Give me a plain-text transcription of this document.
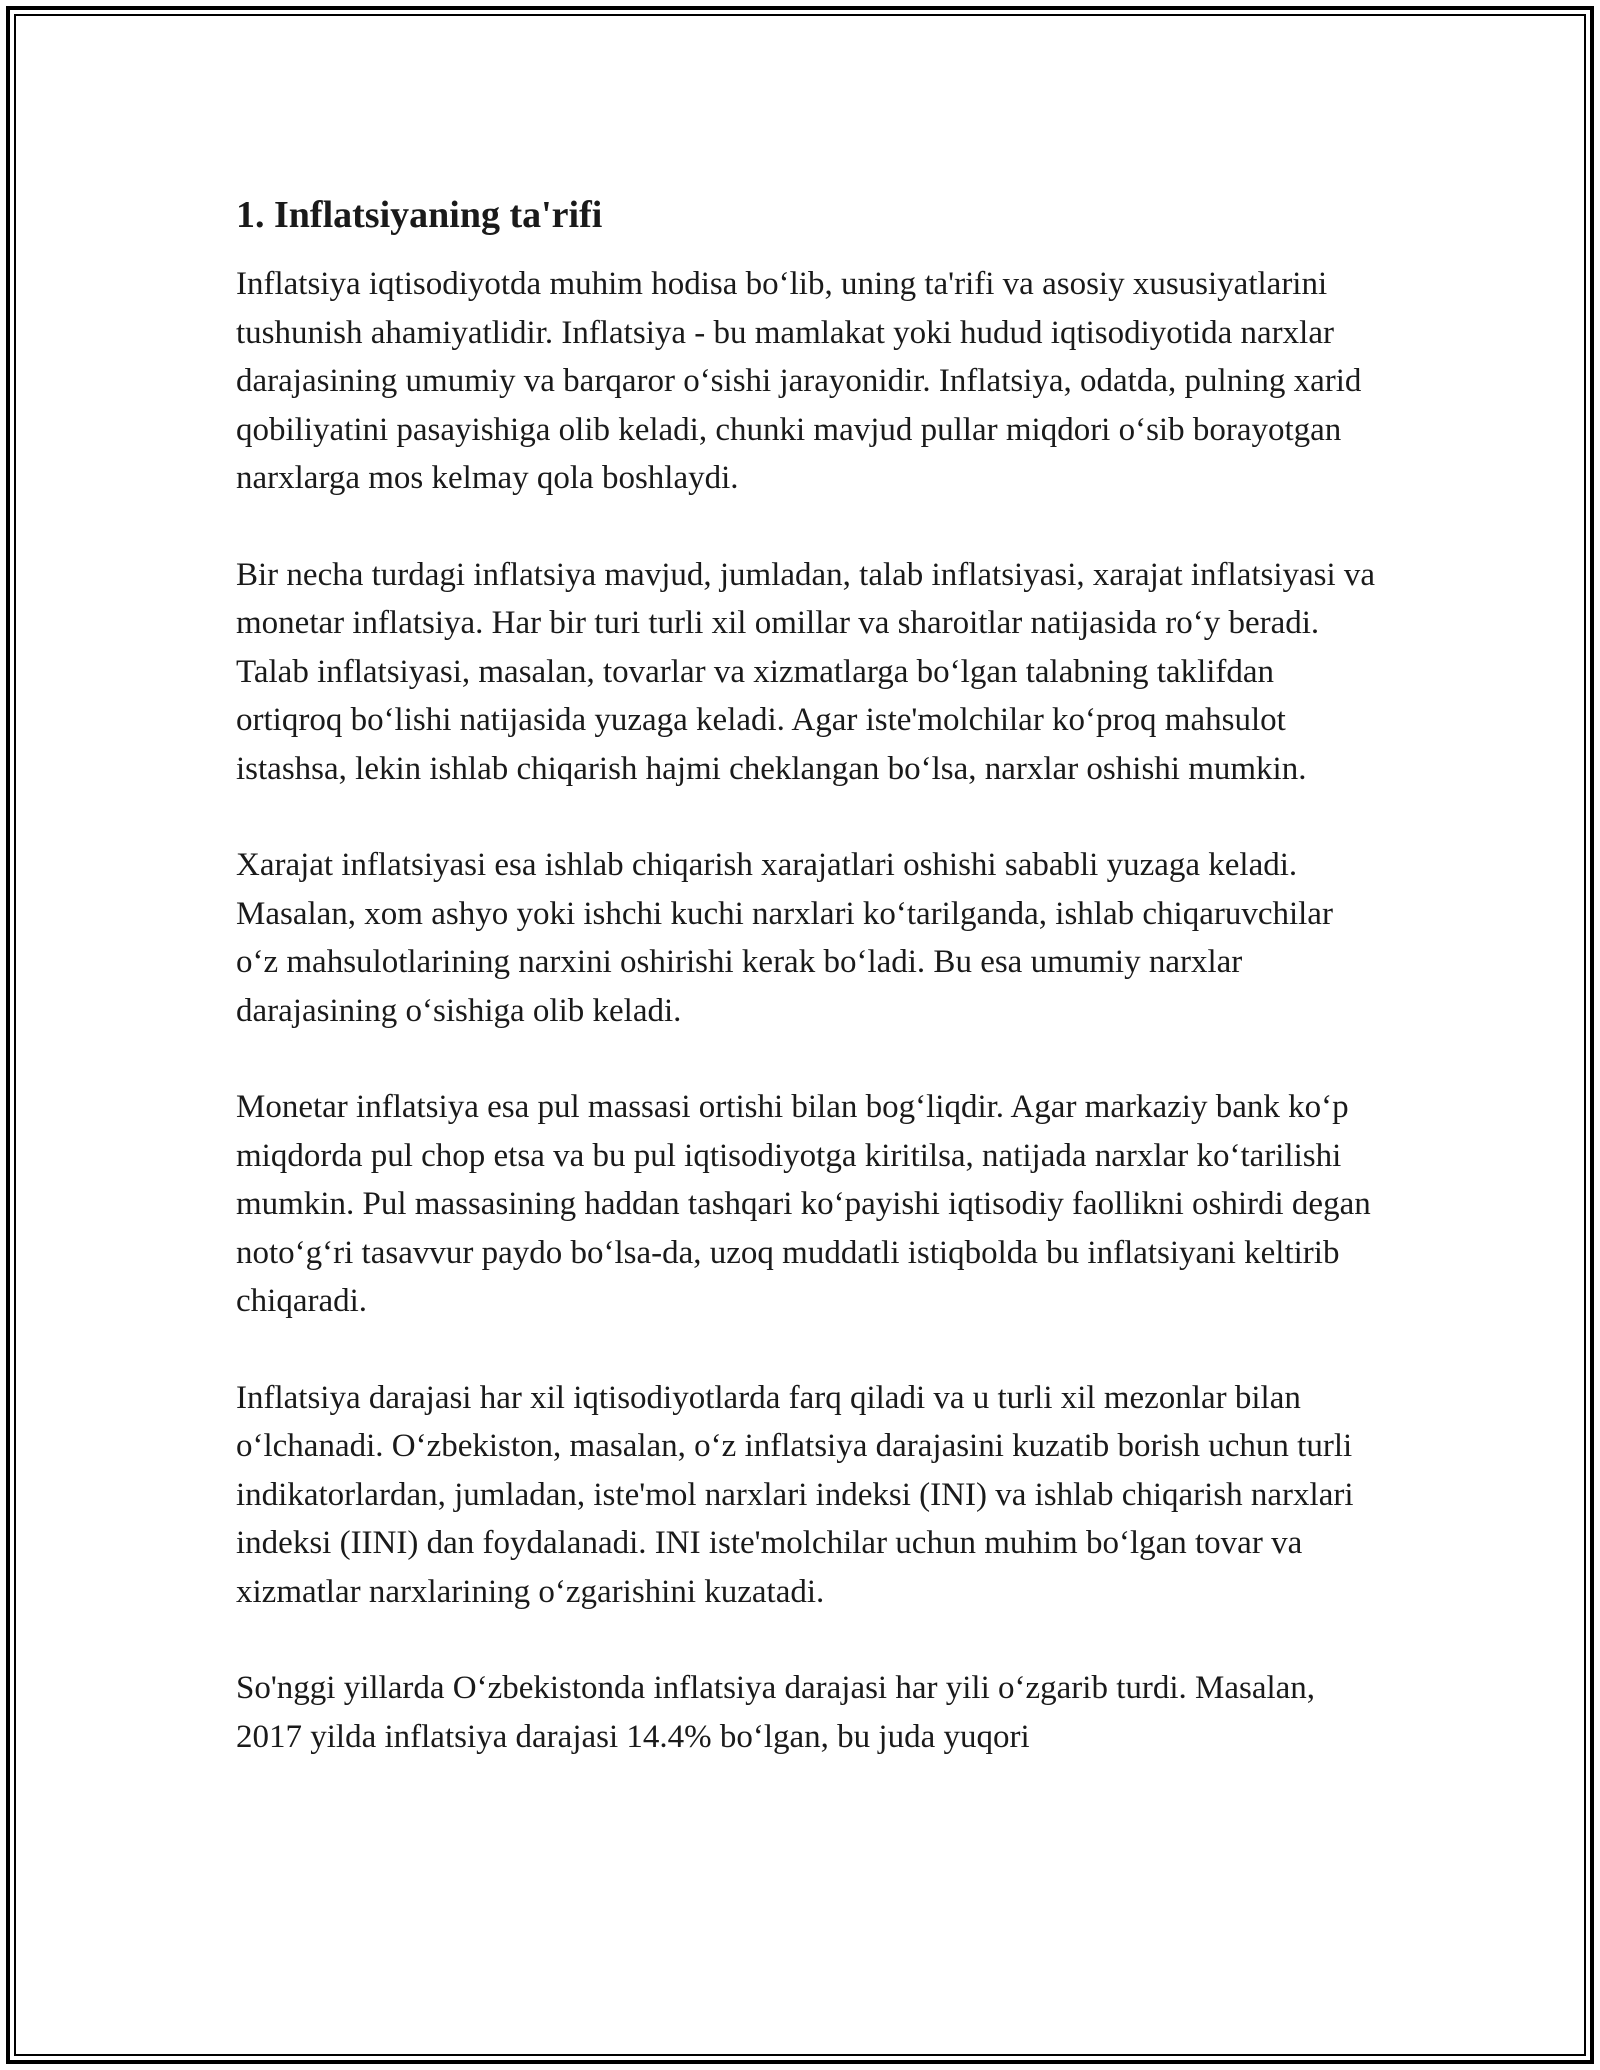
1. Inflatsiyaning ta'rifi

Inflatsiya iqtisodiyotda muhim hodisa bo‘lib, uning ta'rifi va asosiy xususiyatlarini tushunish ahamiyatlidir. Inflatsiya - bu mamlakat yoki hudud iqtisodiyotida narxlar darajasining umumiy va barqaror o‘sishi jarayonidir. Inflatsiya, odatda, pulning xarid qobiliyatini pasayishiga olib keladi, chunki mavjud pullar miqdori o‘sib borayotgan narxlarga mos kelmay qola boshlaydi.

Bir necha turdagi inflatsiya mavjud, jumladan, talab inflatsiyasi, xarajat inflatsiyasi va monetar inflatsiya. Har bir turi turli xil omillar va sharoitlar natijasida ro‘y beradi. Talab inflatsiyasi, masalan, tovarlar va xizmatlarga bo‘lgan talabning taklifdan ortiqroq bo‘lishi natijasida yuzaga keladi. Agar iste'molchilar ko‘proq mahsulot istashsa, lekin ishlab chiqarish hajmi cheklangan bo‘lsa, narxlar oshishi mumkin.

Xarajat inflatsiyasi esa ishlab chiqarish xarajatlari oshishi sababli yuzaga keladi. Masalan, xom ashyo yoki ishchi kuchi narxlari ko‘tarilganda, ishlab chiqaruvchilar o‘z mahsulotlarining narxini oshirishi kerak bo‘ladi. Bu esa umumiy narxlar darajasining o‘sishiga olib keladi.

Monetar inflatsiya esa pul massasi ortishi bilan bog‘liqdir. Agar markaziy bank ko‘p miqdorda pul chop etsa va bu pul iqtisodiyotga kiritilsa, natijada narxlar ko‘tarilishi mumkin. Pul massasining haddan tashqari ko‘payishi iqtisodiy faollikni oshirdi degan noto‘g‘ri tasavvur paydo bo‘lsa-da, uzoq muddatli istiqbolda bu inflatsiyani keltirib chiqaradi.

Inflatsiya darajasi har xil iqtisodiyotlarda farq qiladi va u turli xil mezonlar bilan o‘lchanadi. O‘zbekiston, masalan, o‘z inflatsiya darajasini kuzatib borish uchun turli indikatorlardan, jumladan, iste'mol narxlari indeksi (INI) va ishlab chiqarish narxlari indeksi (IINI) dan foydalanadi. INI iste'molchilar uchun muhim bo‘lgan tovar va xizmatlar narxlarining o‘zgarishini kuzatadi.

So'nggi yillarda O‘zbekistonda inflatsiya darajasi har yili o‘zgarib turdi. Masalan, 2017 yilda inflatsiya darajasi 14.4% bo‘lgan, bu juda yuqori
